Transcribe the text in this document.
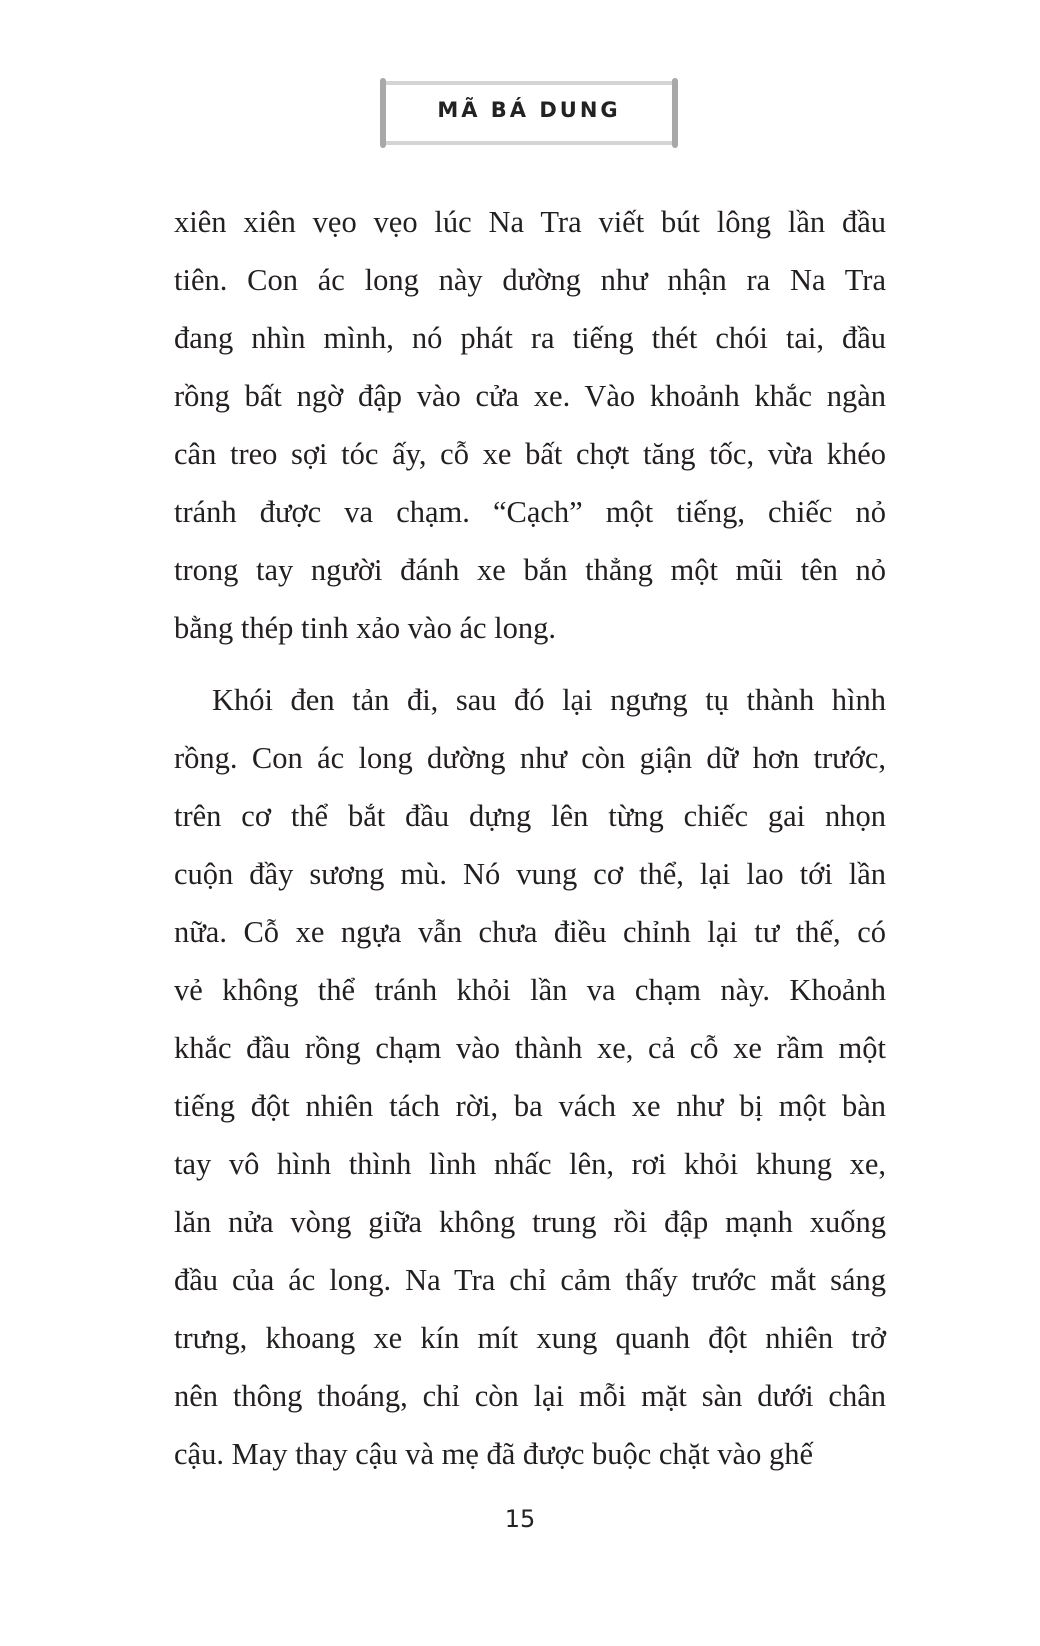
MÃ BÁ DUNG
xiên xiên vẹo vẹo lúc Na Tra viết bút lông lần đầu
tiên. Con ác long này dường như nhận ra Na Tra
đang nhìn mình, nó phát ra tiếng thét chói tai, đầu
rồng bất ngờ đập vào cửa xe. Vào khoảnh khắc ngàn
cân treo sợi tóc ấy, cỗ xe bất chợt tăng tốc, vừa khéo
tránh được va chạm. “Cạch” một tiếng, chiếc nỏ
trong tay người đánh xe bắn thẳng một mũi tên nỏ
bằng thép tinh xảo vào ác long.
Khói đen tản đi, sau đó lại ngưng tụ thành hình
rồng. Con ác long dường như còn giận dữ hơn trước,
trên cơ thể bắt đầu dựng lên từng chiếc gai nhọn
cuộn đầy sương mù. Nó vung cơ thể, lại lao tới lần
nữa. Cỗ xe ngựa vẫn chưa điều chỉnh lại tư thế, có
vẻ không thể tránh khỏi lần va chạm này. Khoảnh
khắc đầu rồng chạm vào thành xe, cả cỗ xe rầm một
tiếng đột nhiên tách rời, ba vách xe như bị một bàn
tay vô hình thình lình nhấc lên, rơi khỏi khung xe,
lăn nửa vòng giữa không trung rồi đập mạnh xuống
đầu của ác long. Na Tra chỉ cảm thấy trước mắt sáng
trưng, khoang xe kín mít xung quanh đột nhiên trở
nên thông thoáng, chỉ còn lại mỗi mặt sàn dưới chân
cậu. May thay cậu và mẹ đã được buộc chặt vào ghế
15
